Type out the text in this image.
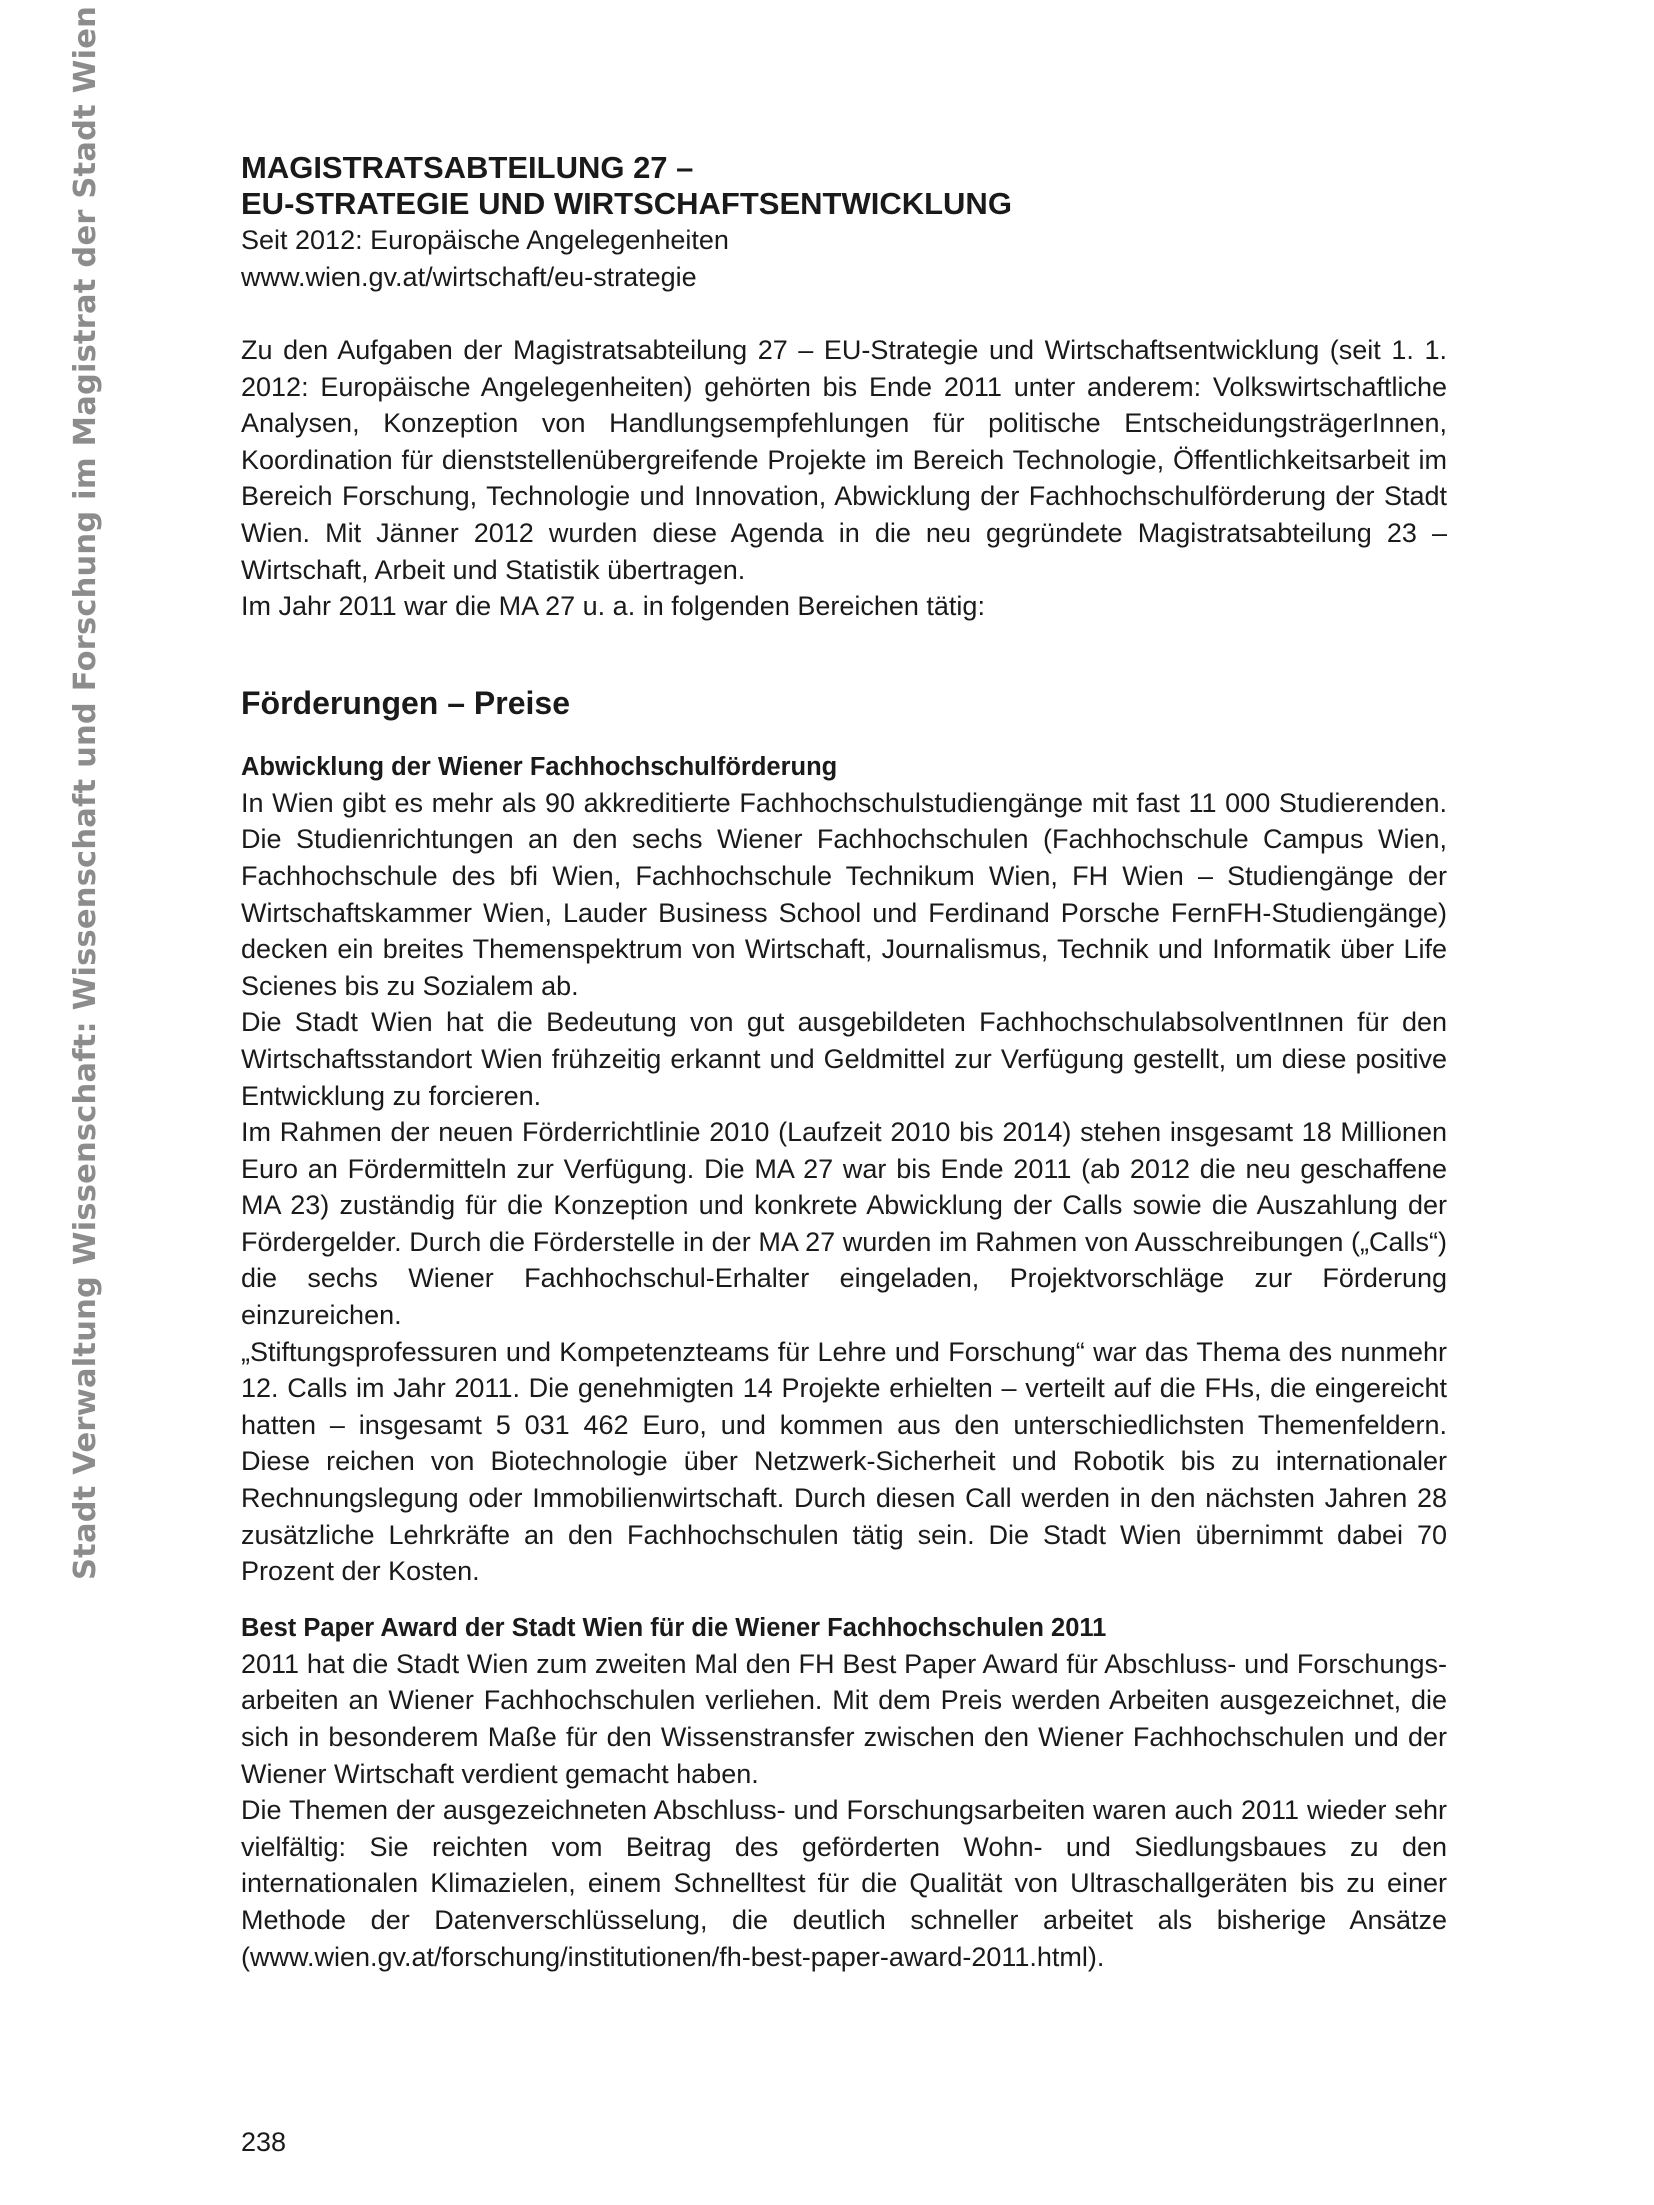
Stadt Verwaltung Wissenschaft: Wissenschaft und Forschung im Magistrat der Stadt Wien	MAGISTRATSABTEILUNG 27 –
EU-STRATEGIE UND WIRTSCHAFTSENTWICKLUNG

Seit 2012: Europäische Angelegenheiten

www.wien.gv.at/wirtschaft/eu-strategie

Zu den Aufgaben der Magistratsabteilung 27 – EU-Strategie und Wirtschaftsentwicklung (seit 1. 1. 2012: Europäische Angelegenheiten) gehörten bis Ende 2011 unter anderem: Volkswirtschaftliche Analysen, Konzeption von Handlungsempfehlungen für politische EntscheidungsträgerInnen, Koordination für dienststellenübergreifende Projekte im Bereich Technologie, Öffentlichkeitsarbeit im Bereich Forschung, Technologie und Innovation, Abwicklung der Fachhochschulförderung der Stadt Wien. Mit Jänner 2012 wurden diese Agenda in die neu gegründete Magistratsabteilung 23 – Wirtschaft, Arbeit und Statistik übertragen.

Im Jahr 2011 war die MA 27 u. a. in folgenden Bereichen tätig:

Förderungen – Preise
Abwicklung der Wiener Fachhochschulförderung

In Wien gibt es mehr als 90 akkreditierte Fachhochschulstudiengänge mit fast 11 000 Studierenden. Die Studienrichtungen an den sechs Wiener Fachhochschulen (Fachhochschule Campus Wien, Fachhochschule des bfi Wien, Fachhochschule Technikum Wien, FH Wien – Studiengänge der Wirtschaftskammer Wien, Lauder Business School und Ferdinand Porsche FernFH-Studiengänge) decken ein breites Themenspektrum von Wirtschaft, Journalismus, Technik und Informatik über Life Scienes bis zu Sozialem ab.

Die Stadt Wien hat die Bedeutung von gut ausgebildeten FachhochschulabsolventInnen für den Wirtschaftsstandort Wien frühzeitig erkannt und Geldmittel zur Verfügung gestellt, um diese positive Entwicklung zu forcieren.

Im Rahmen der neuen Förderrichtlinie 2010 (Laufzeit 2010 bis 2014) stehen insgesamt 18 Millionen Euro an Fördermitteln zur Verfügung. Die MA 27 war bis Ende 2011 (ab 2012 die neu geschaffene MA 23) zuständig für die Konzeption und konkrete Abwicklung der Calls sowie die Auszahlung der Fördergelder. Durch die Förderstelle in der MA 27 wurden im Rahmen von Ausschreibungen („Calls“) die sechs Wiener Fachhochschul-Erhalter eingeladen, Projektvorschläge zur Förderung einzureichen.

„Stiftungsprofessuren und Kompetenzteams für Lehre und Forschung“ war das Thema des nunmehr 12. Calls im Jahr 2011. Die genehmigten 14 Projekte erhielten – verteilt auf die FHs, die eingereicht hatten – insgesamt 5 031 462 Euro, und kommen aus den unterschiedlichsten Themenfeldern. Diese reichen von Biotechnologie über Netzwerk-Sicherheit und Robotik bis zu internationaler Rechnungslegung oder Immobilienwirtschaft. Durch diesen Call werden in den nächsten Jahren 28 zusätzliche Lehrkräfte an den Fachhochschulen tätig sein. Die Stadt Wien übernimmt dabei 70 Prozent der Kosten.

Best Paper Award der Stadt Wien für die Wiener Fachhochschulen 2011

2011 hat die Stadt Wien zum zweiten Mal den FH Best Paper Award für Abschluss- und Forschungsarbeiten an Wiener Fachhochschulen verliehen. Mit dem Preis werden Arbeiten ausgezeichnet, die sich in besonderem Maße für den Wissenstransfer zwischen den Wiener Fachhochschulen und der Wiener Wirtschaft verdient gemacht haben.

Die Themen der ausgezeichneten Abschluss- und Forschungsarbeiten waren auch 2011 wieder sehr vielfältig: Sie reichten vom Beitrag des geförderten Wohn- und Siedlungsbaues zu den internationalen Klimazielen, einem Schnelltest für die Qualität von Ultraschallgeräten bis zu einer Methode der Datenverschlüsselung, die deutlich schneller arbeitet als bisherige Ansätze (www.wien.gv.at/forschung/institutionen/fh-best-paper-award-2011.html).

238
